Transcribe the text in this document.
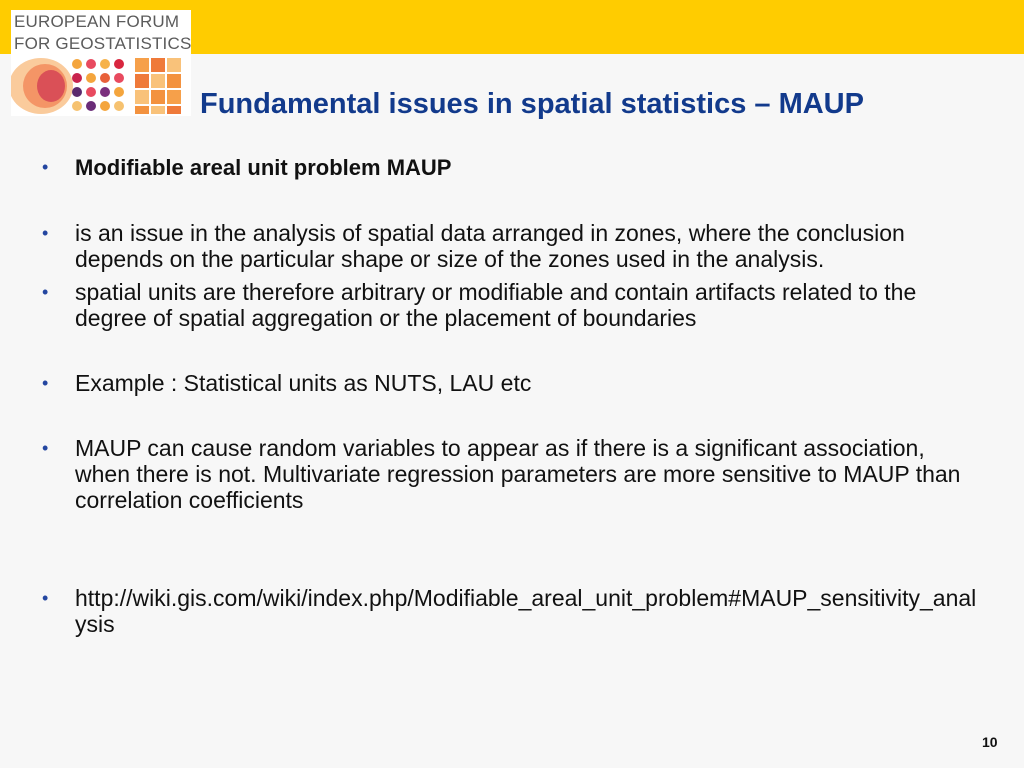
EUROPEAN FORUM
FOR GEOSTATISTICS
Fundamental issues in spatial statistics – MAUP
• Modifiable areal unit problem MAUP
• is an issue in the analysis of spatial data arranged in zones, where the conclusion depends on the particular shape or size of the zones used in the analysis.
• spatial units are therefore arbitrary or modifiable and contain artifacts related to the degree of spatial aggregation or the placement of boundaries
• Example : Statistical units as NUTS, LAU etc
• MAUP can cause random variables to appear as if there is a significant association, when there is not. Multivariate regression parameters are more sensitive to MAUP than correlation coefficients
• http://wiki.gis.com/wiki/index.php/Modifiable_areal_unit_problem#MAUP_sensitivity_analysis
10
